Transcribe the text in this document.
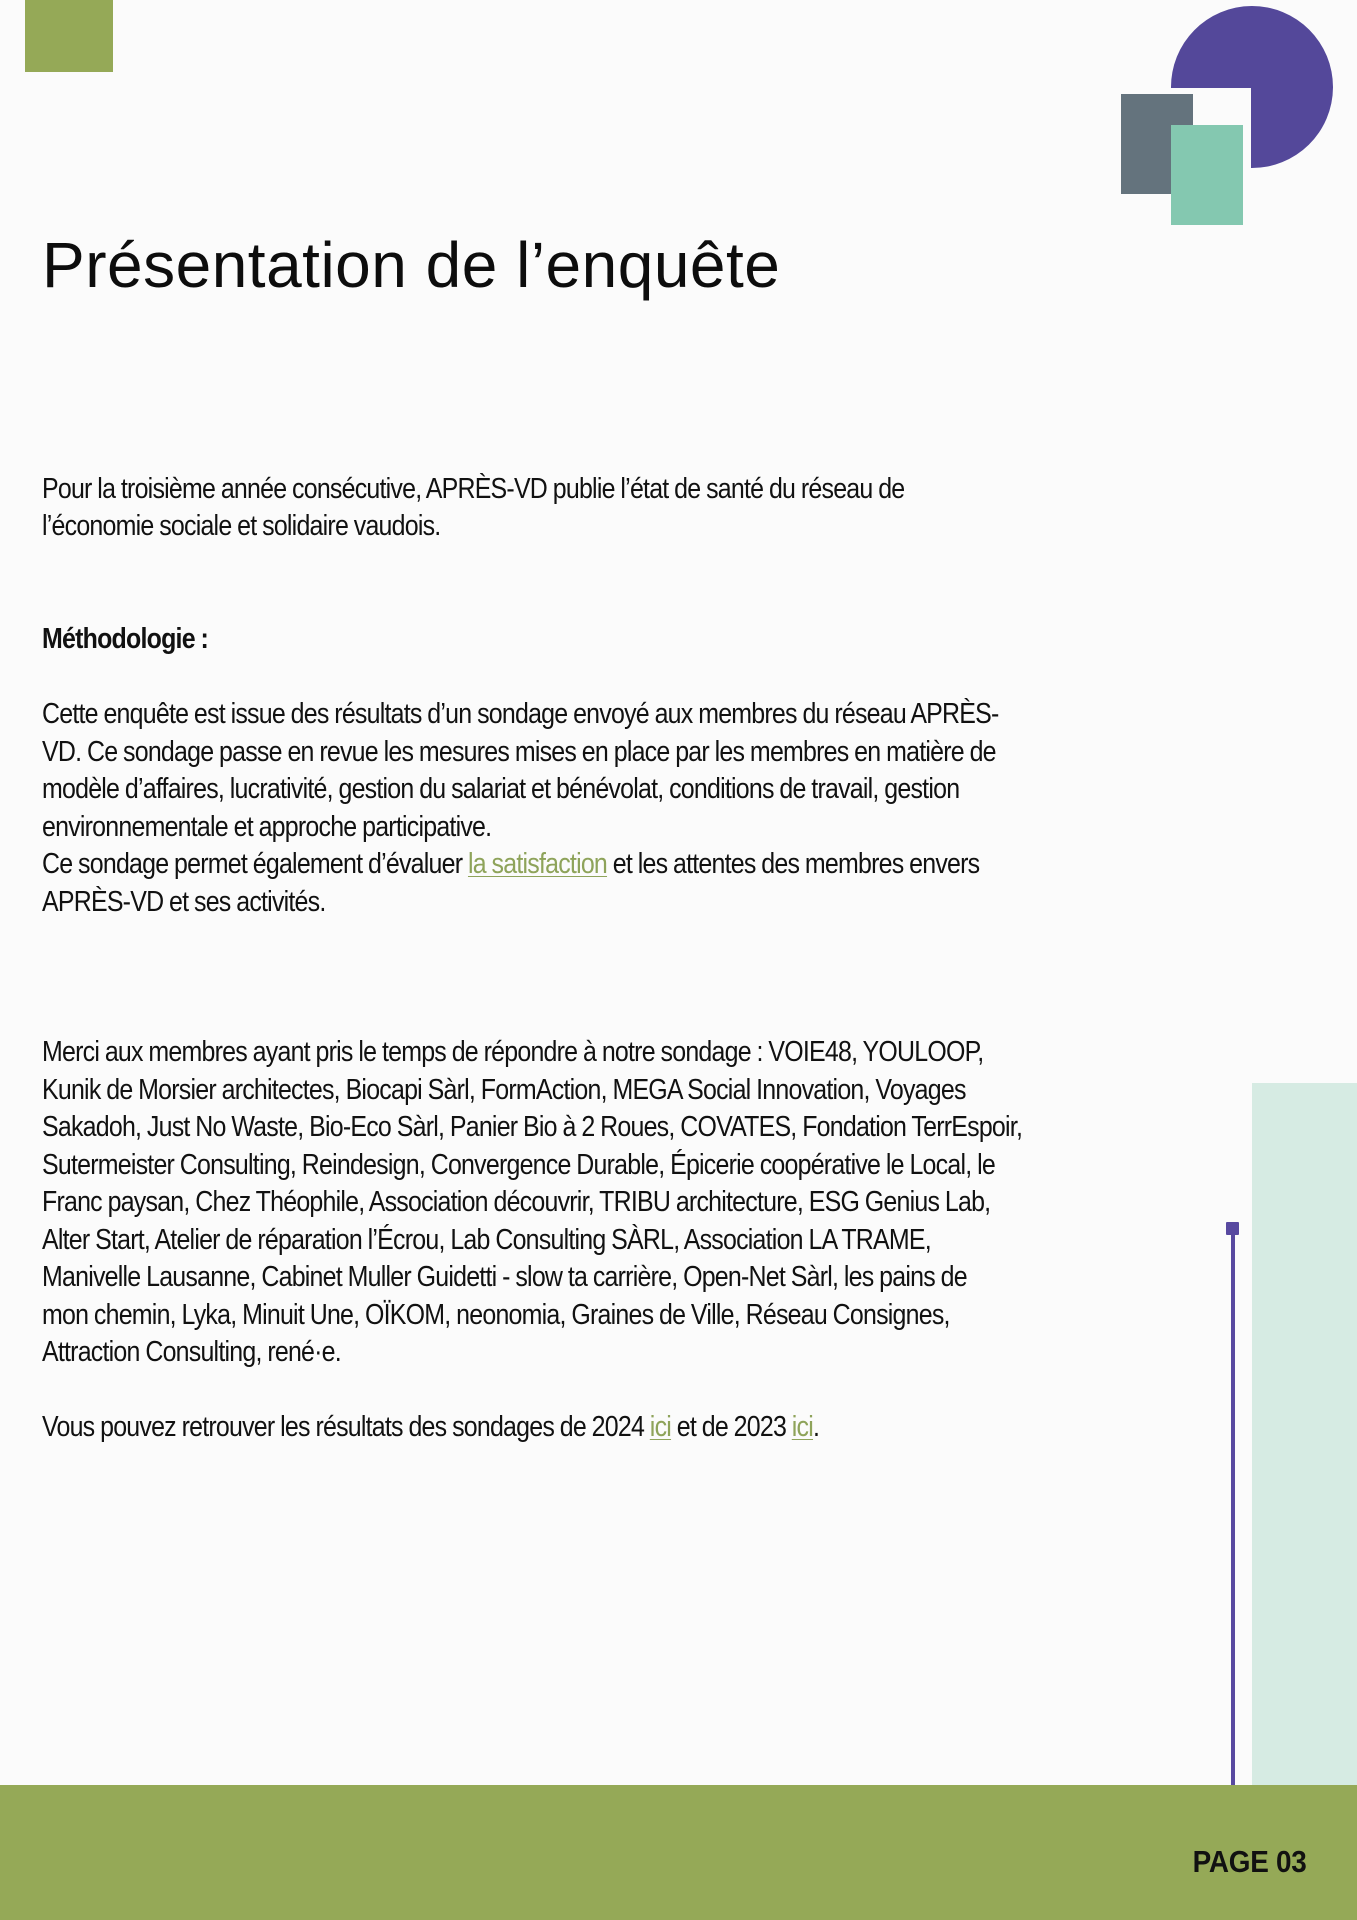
Présentation de l’enquête
Pour la troisième année consécutive, APRÈS-VD publie l’état de santé du réseau de
l’économie sociale et solidaire vaudois.
Méthodologie :
Cette enquête est issue des résultats d’un sondage envoyé aux membres du réseau APRÈS-
VD. Ce sondage passe en revue les mesures mises en place par les membres en matière de
modèle d’affaires, lucrativité, gestion du salariat et bénévolat, conditions de travail, gestion
environnementale et approche participative.
Ce sondage permet également d’évaluer la satisfaction et les attentes des membres envers
APRÈS-VD et ses activités.
Merci aux membres ayant pris le temps de répondre à notre sondage : VOIE48, YOULOOP,
Kunik de Morsier architectes, Biocapi Sàrl, FormAction, MEGA Social Innovation, Voyages
Sakadoh, Just No Waste, Bio-Eco Sàrl, Panier Bio à 2 Roues, COVATES, Fondation TerrEspoir,
Sutermeister Consulting, Reindesign, Convergence Durable, Épicerie coopérative le Local, le
Franc paysan, Chez Théophile, Association découvrir, TRIBU architecture, ESG Genius Lab,
Alter Start, Atelier de réparation l’Écrou, Lab Consulting SÀRL, Association LA TRAME,
Manivelle Lausanne, Cabinet Muller Guidetti - slow ta carrière, Open-Net Sàrl, les pains de
mon chemin, Lyka, Minuit Une, OÏKOM, neonomia, Graines de Ville, Réseau Consignes,
Attraction Consulting, rené·e.
Vous pouvez retrouver les résultats des sondages de 2024 ici et de 2023 ici.
PAGE 03
